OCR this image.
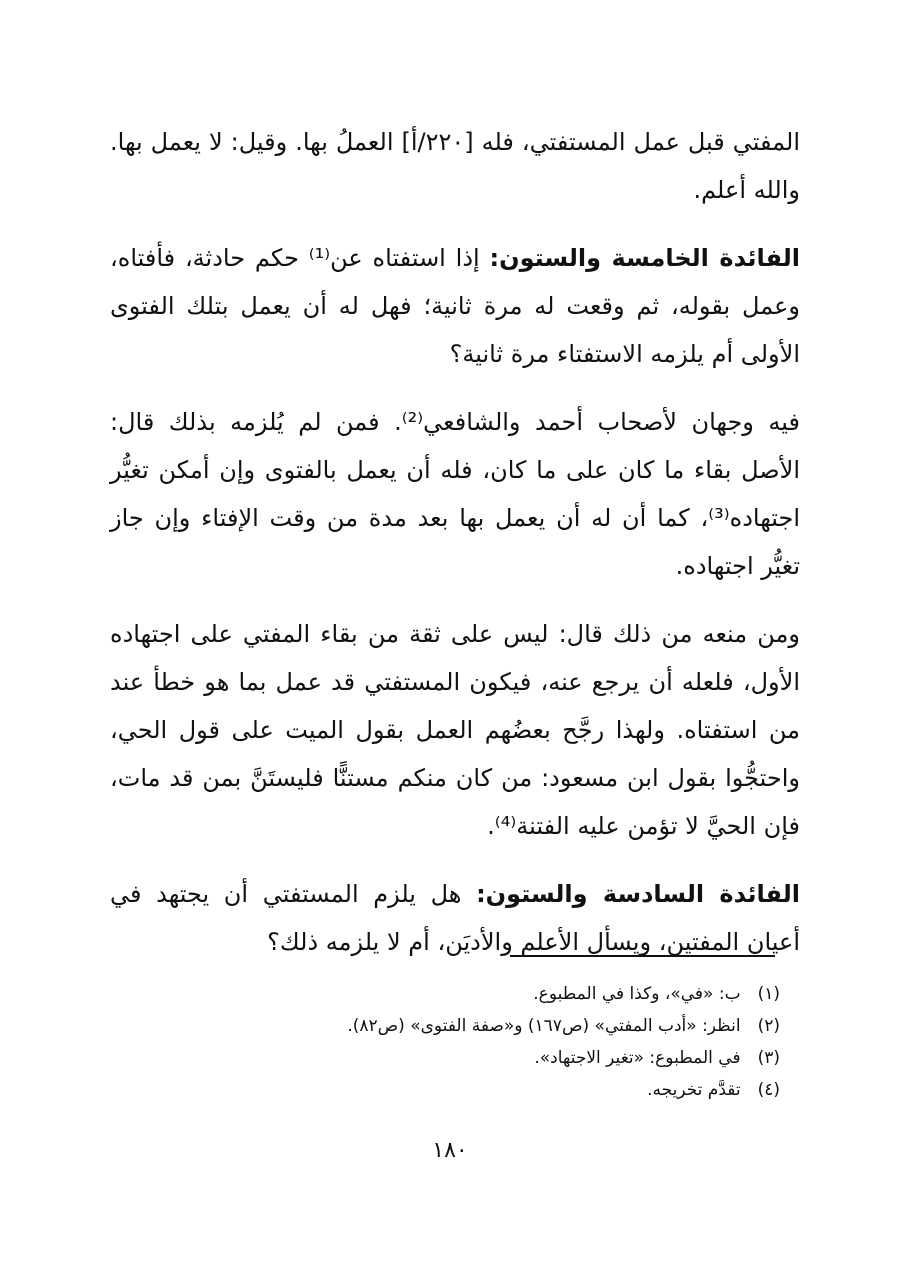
المفتي قبل عمل المستفتي، فله [٢٢٠/أ] العملُ بها. وقيل: لا يعمل بها. والله أعلم.

الفائدة الخامسة والستون: إذا استفتاه عن⁽¹⁾ حكم حادثة، فأفتاه، وعمل بقوله، ثم وقعت له مرة ثانية؛ فهل له أن يعمل بتلك الفتوى الأولى أم يلزمه الاستفتاء مرة ثانية؟

فيه وجهان لأصحاب أحمد والشافعي⁽²⁾. فمن لم يُلزمه بذلك قال: الأصل بقاء ما كان على ما كان، فله أن يعمل بالفتوى وإن أمكن تغيُّر اجتهاده⁽³⁾، كما أن له أن يعمل بها بعد مدة من وقت الإفتاء وإن جاز تغيُّر اجتهاده.

ومن منعه من ذلك قال: ليس على ثقة من بقاء المفتي على اجتهاده الأول، فلعله أن يرجع عنه، فيكون المستفتي قد عمل بما هو خطأ عند من استفتاه. ولهذا رجَّح بعضُهم العمل بقول الميت على قول الحي، واحتجُّوا بقول ابن مسعود: من كان منكم مستنًّا فليستَنَّ بمن قد مات، فإن الحيَّ لا تؤمن عليه الفتنة⁽⁴⁾.

الفائدة السادسة والستون: هل يلزم المستفتي أن يجتهد في أعيان المفتين، ويسأل الأعلم والأديَن، أم لا يلزمه ذلك؟

(١) ب: «في»، وكذا في المطبوع.
(٢) انظر: «أدب المفتي» (ص١٦٧) و«صفة الفتوى» (ص٨٢).
(٣) في المطبوع: «تغير الاجتهاد».
(٤) تقدَّم تخريجه.
١٨٠
